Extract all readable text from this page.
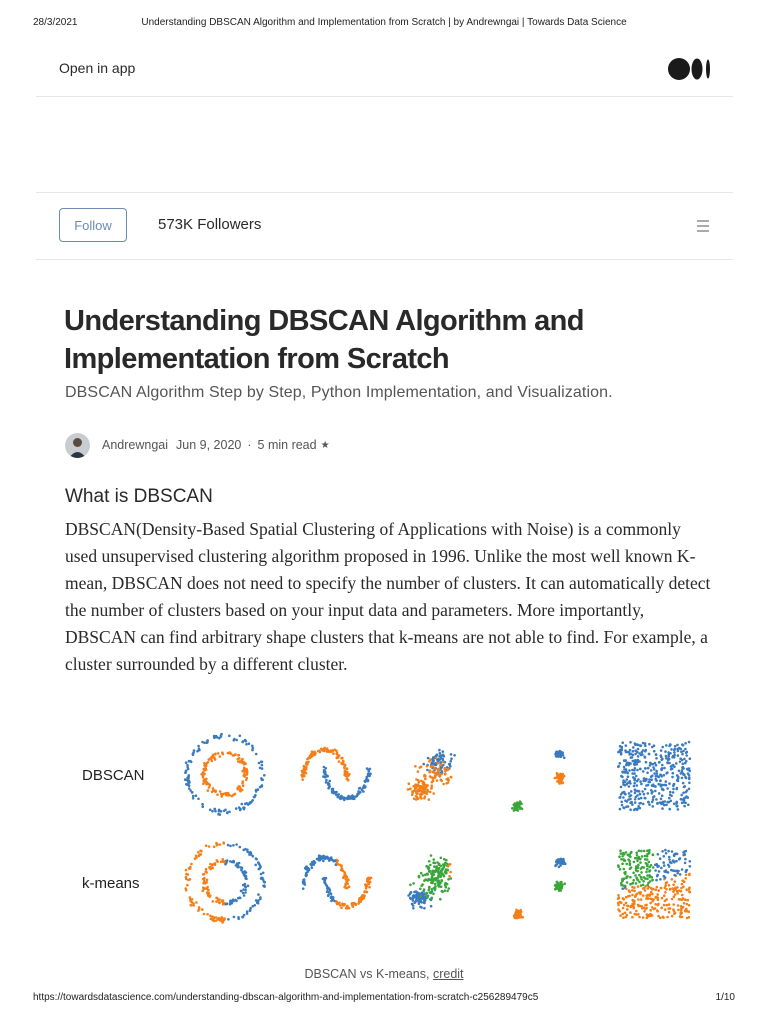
28/3/2021	Understanding DBSCAN Algorithm and Implementation from Scratch | by Andrewngai | Towards Data Science
Open in app
Follow	573K Followers
Understanding DBSCAN Algorithm and Implementation from Scratch
DBSCAN Algorithm Step by Step, Python Implementation, and Visualization.
Andrewngai Jun 9, 2020 · 5 min read ★
What is DBSCAN

DBSCAN(Density-Based Spatial Clustering of Applications with Noise) is a commonly used unsupervised clustering algorithm proposed in 1996. Unlike the most well known K-mean, DBSCAN does not need to specify the number of clusters. It can automatically detect the number of clusters based on your input data and parameters. More importantly, DBSCAN can find arbitrary shape clusters that k-means are not able to find. For example, a cluster surrounded by a different cluster.

DBSCAN
k-means
DBSCAN vs K-means, credit
https://towardsdatascience.com/understanding-dbscan-algorithm-and-implementation-from-scratch-c256289479c5	1/10
